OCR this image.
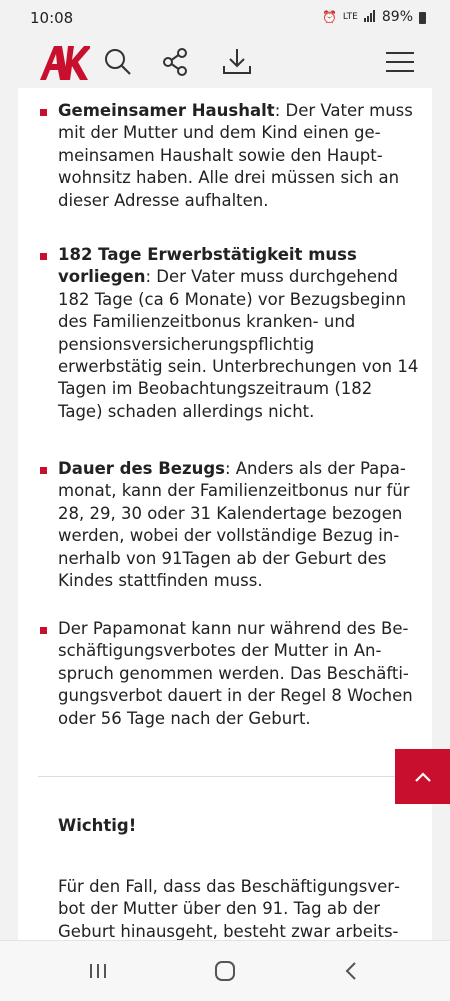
10:08	⏰ LTE 89%
Gemeinsamer Haushalt: Der Vater muss mit der Mutter und dem Kind einen gemeinsamen Haushalt sowie den Hauptwohnsitz haben. Alle drei müssen sich an dieser Adresse aufhalten.
182 Tage Erwerbstätigkeit muss vorliegen: Der Vater muss durchgehend 182 Tage (ca 6 Monate) vor Bezugsbeginn des Familienzeitbonus kranken- und pensionsversicherungspflichtig erwerbstätig sein. Unterbrechungen von 14 Tagen im Beobachtungszeitraum (182 Tage) schaden allerdings nicht.
Dauer des Bezugs: Anders als der Papamonat, kann der Familienzeitbonus nur für 28, 29, 30 oder 31 Kalendertage bezogen werden, wobei der vollständige Bezug innerhalb von 91Tagen ab der Geburt des Kindes stattfinden muss.
Der Papamonat kann nur während des Beschäftigungsverbotes der Mutter in Anspruch genommen werden. Das Beschäftigungsverbot dauert in der Regel 8 Wochen oder 56 Tage nach der Geburt.
Wichtig!
Für den Fall, dass das Beschäftigungsverbot der Mutter über den 91. Tag ab der Geburt hinausgeht, besteht zwar arbeits-
